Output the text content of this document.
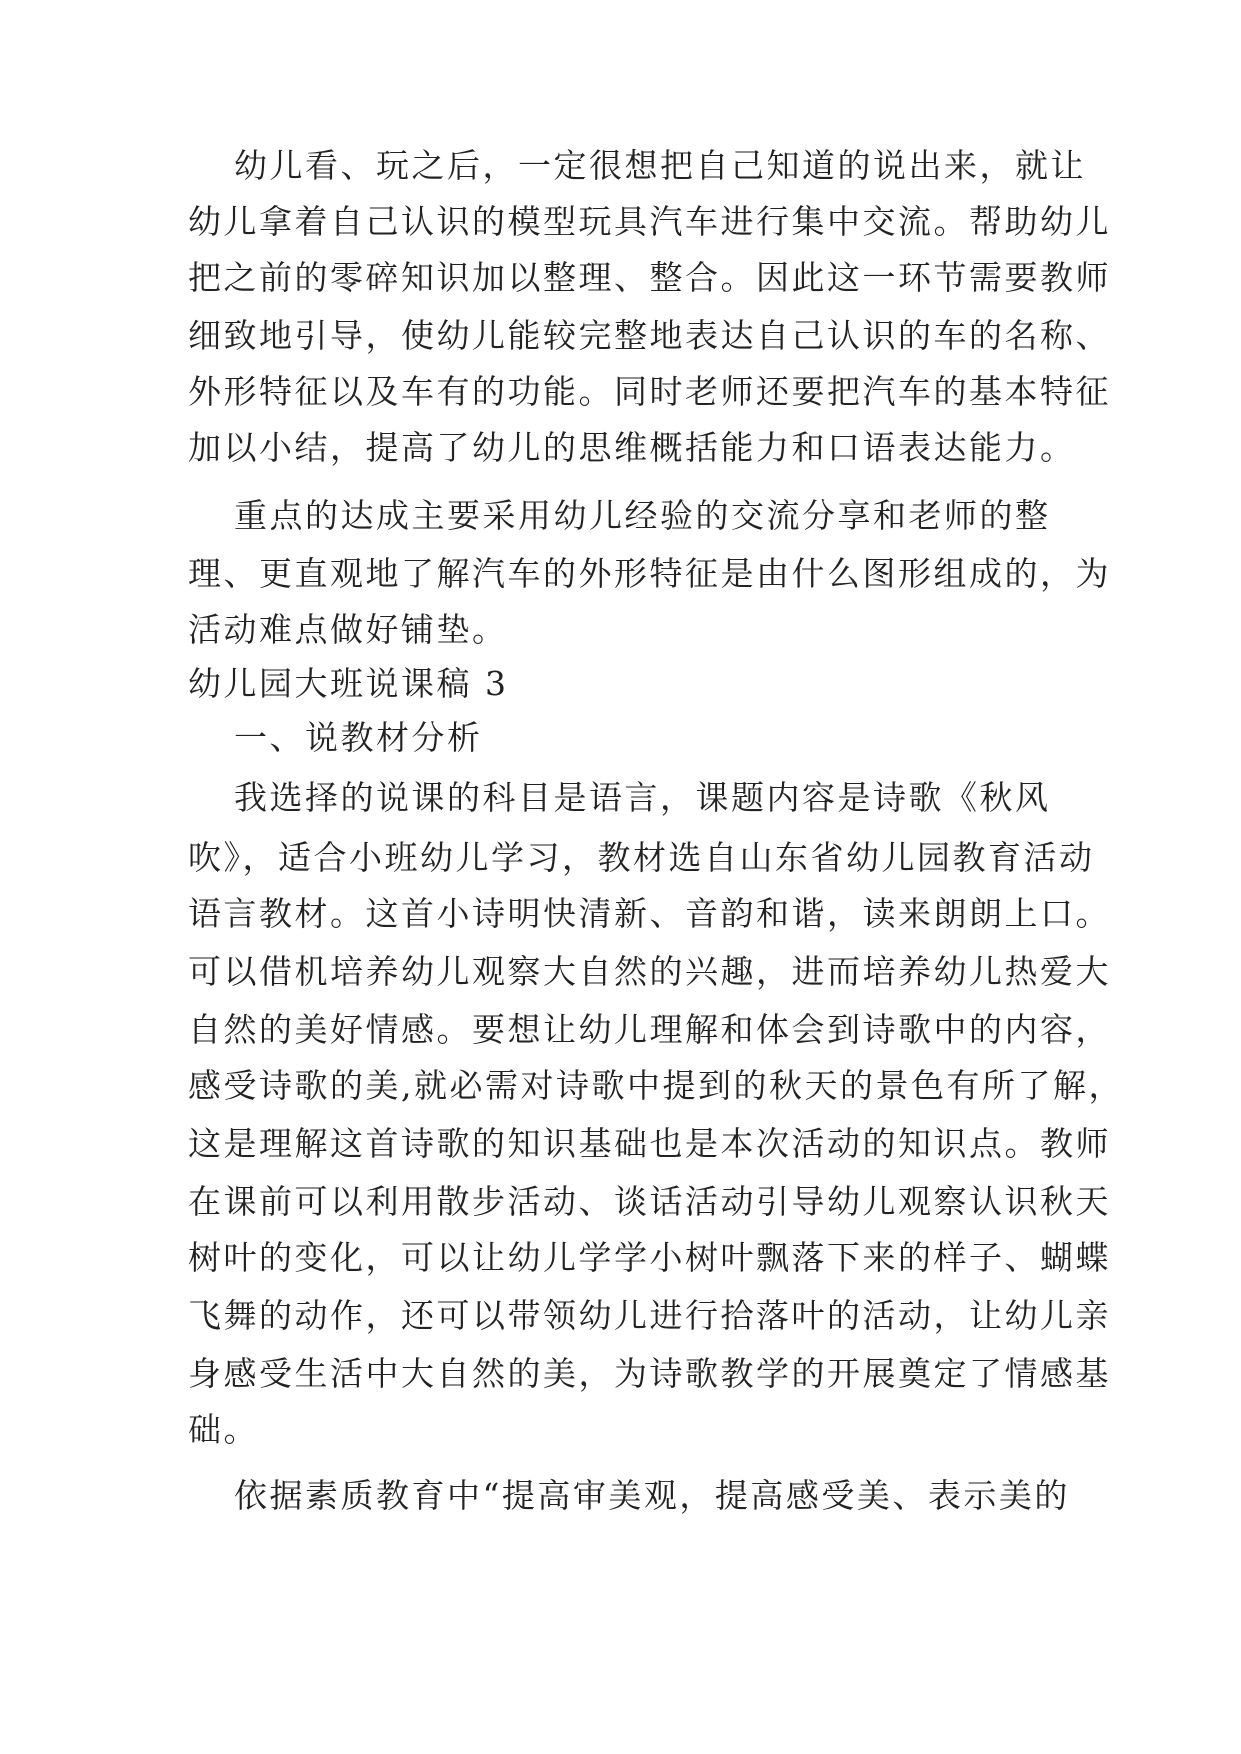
幼儿看、玩之后，一定很想把自己知道的说出来，就让
幼儿拿着自己认识的模型玩具汽车进行集中交流。帮助幼儿
把之前的零碎知识加以整理、整合。因此这一环节需要教师
细致地引导，使幼儿能较完整地表达自己认识的车的名称、
外形特征以及车有的功能。同时老师还要把汽车的基本特征
加以小结，提高了幼儿的思维概括能力和口语表达能力。
重点的达成主要采用幼儿经验的交流分享和老师的整
理、更直观地了解汽车的外形特征是由什么图形组成的，为
活动难点做好铺垫。
幼儿园大班说课稿 3
一、说教材分析
我选择的说课的科目是语言，课题内容是诗歌《秋风
吹》，适合小班幼儿学习，教材选自山东省幼儿园教育活动
语言教材。这首小诗明快清新、音韵和谐，读来朗朗上口。
可以借机培养幼儿观察大自然的兴趣，进而培养幼儿热爱大
自然的美好情感。要想让幼儿理解和体会到诗歌中的内容，
感受诗歌的美,就必需对诗歌中提到的秋天的景色有所了解，
这是理解这首诗歌的知识基础也是本次活动的知识点。教师
在课前可以利用散步活动、谈话活动引导幼儿观察认识秋天
树叶的变化，可以让幼儿学学小树叶飘落下来的样子、蝴蝶
飞舞的动作，还可以带领幼儿进行拾落叶的活动，让幼儿亲
身感受生活中大自然的美，为诗歌教学的开展奠定了情感基
础。
依据素质教育中“提高审美观，提高感受美、表示美的
